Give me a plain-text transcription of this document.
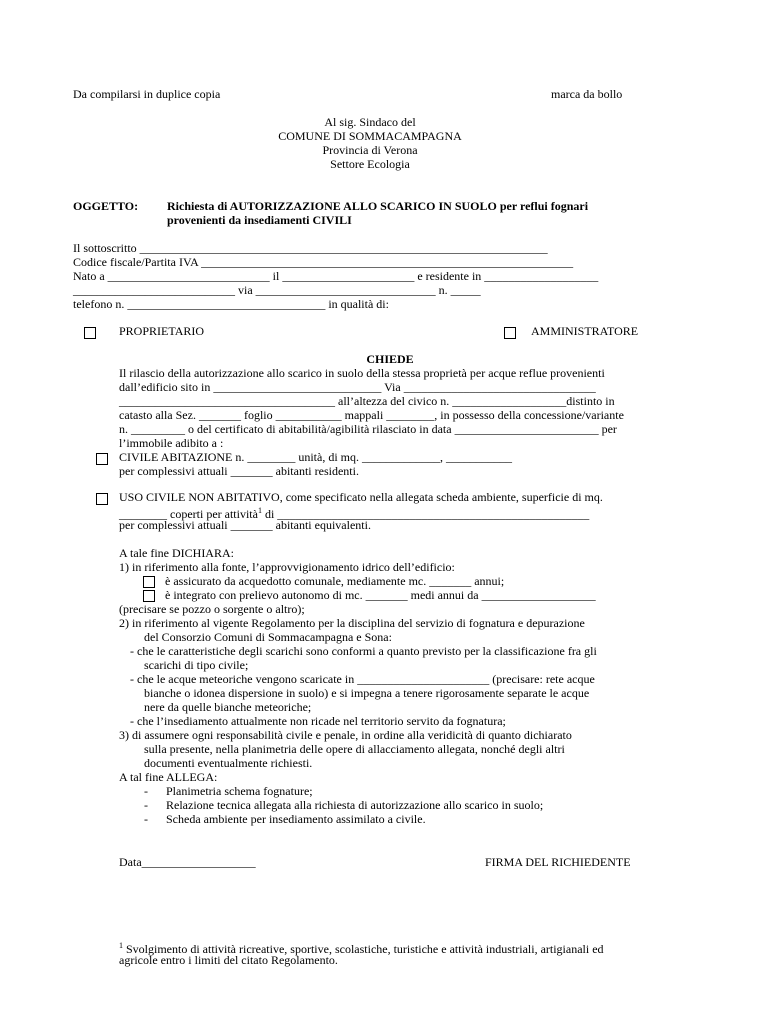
Da compilarsi in duplice copia	marca da bollo
Al sig. Sindaco del
COMUNE DI SOMMACAMPAGNA
Provincia di Verona
Settore Ecologia
OGGETTO: Richiesta di AUTORIZZAZIONE ALLO SCARICO IN SUOLO per reflui fognari
provenienti da insediamenti CIVILI
Il sottoscritto ____________________________________________________________________
Codice fiscale/Partita IVA ______________________________________________________________
Nato a ___________________________ il ______________________ e residente in ___________________
___________________________ via ______________________________ n. _____
telefono n. _________________________________ in qualità di:
PROPRIETARIO	AMMINISTRATORE
CHIEDE
Il rilascio della autorizzazione allo scarico in suolo della stessa proprietà per acque reflue provenienti
dall’edificio sito in ____________________________ Via ________________________________
____________________________________ all’altezza del civico n. ___________________distinto in
catasto alla Sez. _______ foglio ___________ mappali ________, in possesso della concessione/variante
n. _________ o del certificato di abitabilità/agibilità rilasciato in data ________________________ per
l’immobile adibito a :
CIVILE ABITAZIONE n. ________ unità, di mq. _____________, ___________
per complessivi attuali _______ abitanti residenti.
USO CIVILE NON ABITATIVO, come specificato nella allegata scheda ambiente, superficie di mq.
________ coperti per attività$^1$ di ____________________________________________________
per complessivi attuali _______ abitanti equivalenti.
A tale fine DICHIARA:
1) in riferimento alla fonte, l’approvvigionamento idrico dell’edificio:
è assicurato da acquedotto comunale, mediamente mc. _______ annui;
è integrato con prelievo autonomo di mc. _______ medi annui da ___________________
(precisare se pozzo o sorgente o altro);
2) in riferimento al vigente Regolamento per la disciplina del servizio di fognatura e depurazione
del Consorzio Comuni di Sommacampagna e Sona:
- che le caratteristiche degli scarichi sono conformi a quanto previsto per la classificazione fra gli
scarichi di tipo civile;
- che le acque meteoriche vengono scaricate in ______________________ (precisare: rete acque
bianche o idonea dispersione in suolo) e si impegna a tenere rigorosamente separate le acque
nere da quelle bianche meteoriche;
- che l’insediamento attualmente non ricade nel territorio servito da fognatura;
3) di assumere ogni responsabilità civile e penale, in ordine alla veridicità di quanto dichiarato
sulla presente, nella planimetria delle opere di allacciamento allegata, nonché degli altri
documenti eventualmente richiesti.
A tal fine ALLEGA:
- Planimetria schema fognature;
- Relazione tecnica allegata alla richiesta di autorizzazione allo scarico in suolo;
- Scheda ambiente per insediamento assimilato a civile.
Data___________________	FIRMA DEL RICHIEDENTE
$^1$ Svolgimento di attività ricreative, sportive, scolastiche, turistiche e attività industriali, artigianali ed
agricole entro i limiti del citato Regolamento.
